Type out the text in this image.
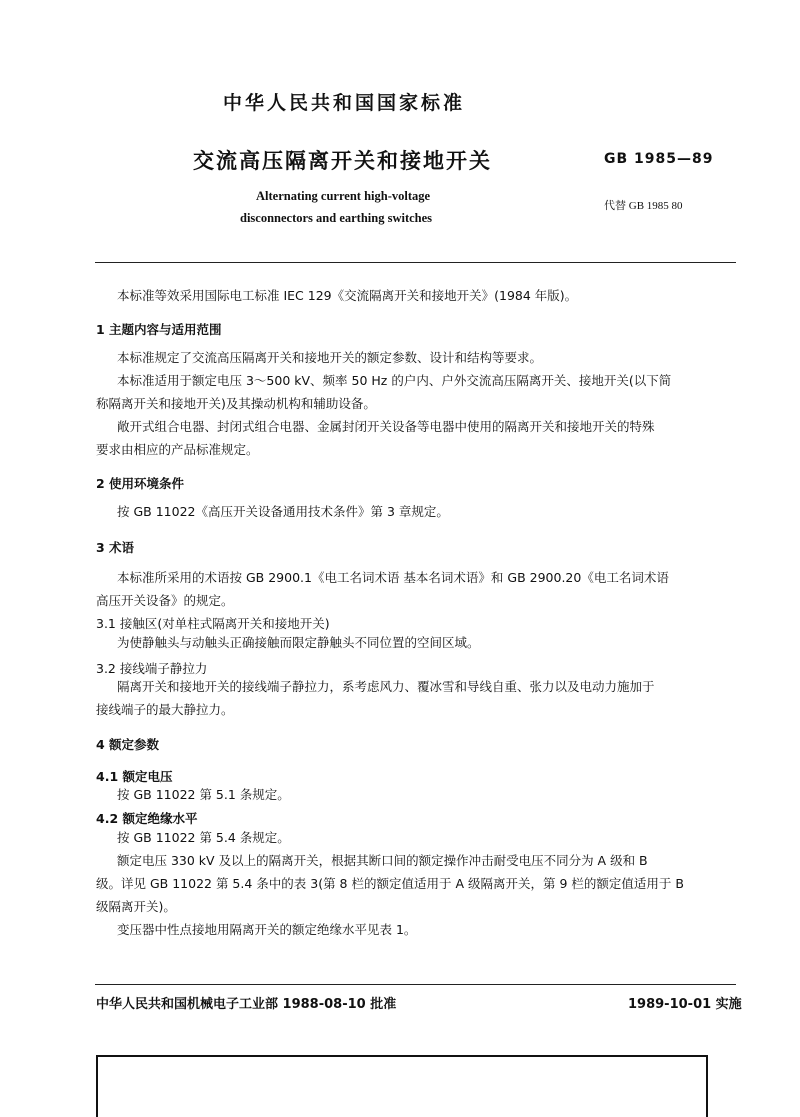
中华人民共和国国家标准
交流高压隔离开关和接地开关	GB 1985—89
Alternating current high-voltage
disconnectors and earthing switches
代替 GB 1985 80
本标准等效采用国际电工标准 IEC 129《交流隔离开关和接地开关》(1984 年版)。
1 主题内容与适用范围
本标准规定了交流高压隔离开关和接地开关的额定参数、设计和结构等要求。
本标准适用于额定电压 3～500 kV、频率 50 Hz 的户内、户外交流高压隔离开关、接地开关(以下简
称隔离开关和接地开关)及其操动机构和辅助设备。
敞开式组合电器、封闭式组合电器、金属封闭开关设备等电器中使用的隔离开关和接地开关的特殊
要求由相应的产品标准规定。
2 使用环境条件
按 GB 11022《高压开关设备通用技术条件》第 3 章规定。
3 术语
本标准所采用的术语按 GB 2900.1《电工名词术语 基本名词术语》和 GB 2900.20《电工名词术语
高压开关设备》的规定。
3.1 接触区(对单柱式隔离开关和接地开关)
为使静触头与动触头正确接触而限定静触头不同位置的空间区域。
3.2 接线端子静拉力
隔离开关和接地开关的接线端子静拉力，系考虑风力、覆冰雪和导线自重、张力以及电动力施加于
接线端子的最大静拉力。
4 额定参数
4.1 额定电压
按 GB 11022 第 5.1 条规定。
4.2 额定绝缘水平
按 GB 11022 第 5.4 条规定。
额定电压 330 kV 及以上的隔离开关，根据其断口间的额定操作冲击耐受电压不同分为 A 级和 B
级。详见 GB 11022 第 5.4 条中的表 3(第 8 栏的额定值适用于 A 级隔离开关，第 9 栏的额定值适用于 B
级隔离开关)。
变压器中性点接地用隔离开关的额定绝缘水平见表 1。
中华人民共和国机械电子工业部 1988-08-10 批准	1989-10-01 实施
